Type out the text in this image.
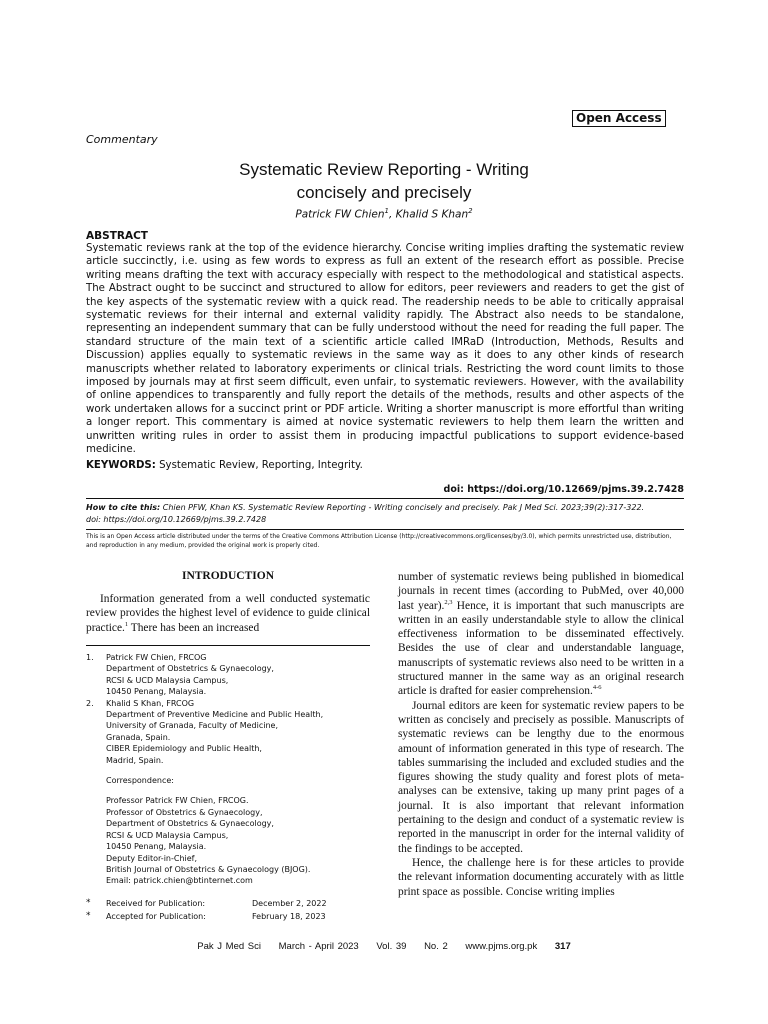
Open Access
Commentary
Systematic Review Reporting - Writing
concisely and precisely
Patrick FW Chien$^1$, Khalid S Khan$^2$
ABSTRACT
Systematic reviews rank at the top of the evidence hierarchy. Concise writing implies drafting the systematic review article succinctly, i.e. using as few words to express as full an extent of the research effort as possible. Precise writing means drafting the text with accuracy especially with respect to the methodological and statistical aspects. The Abstract ought to be succinct and structured to allow for editors, peer reviewers and readers to get the gist of the key aspects of the systematic review with a quick read. The readership needs to be able to critically appraisal systematic reviews for their internal and external validity rapidly. The Abstract also needs to be standalone, representing an independent summary that can be fully understood without the need for reading the full paper. The standard structure of the main text of a scientific article called IMRaD (Introduction, Methods, Results and Discussion) applies equally to systematic reviews in the same way as it does to any other kinds of research manuscripts whether related to laboratory experiments or clinical trials. Restricting the word count limits to those imposed by journals may at first seem difficult, even unfair, to systematic reviewers. However, with the availability of online appendices to transparently and fully report the details of the methods, results and other aspects of the work undertaken allows for a succinct print or PDF article. Writing a shorter manuscript is more effortful than writing a longer report. This commentary is aimed at novice systematic reviewers to help them learn the written and unwritten writing rules in order to assist them in producing impactful publications to support evidence-based medicine.
KEYWORDS: Systematic Review, Reporting, Integrity.
doi: https://doi.org/10.12669/pjms.39.2.7428
How to cite this: Chien PFW, Khan KS. Systematic Review Reporting - Writing concisely and precisely. Pak J Med Sci. 2023;39(2):317-322.
doi: https://doi.org/10.12669/pjms.39.2.7428
This is an Open Access article distributed under the terms of the Creative Commons Attribution License (http://creativecommons.org/licenses/by/3.0), which permits unrestricted use, distribution, and reproduction in any medium, provided the original work is properly cited.
INTRODUCTION
Information generated from a well conducted systematic review provides the highest level of evidence to guide clinical practice.$^1$ There has been an increased
1.	Patrick FW Chien, FRCOG
Department of Obstetrics & Gynaecology,
RCSI & UCD Malaysia Campus,
10450 Penang, Malaysia.
2.	Khalid S Khan, FRCOG
Department of Preventive Medicine and Public Health,
University of Granada, Faculty of Medicine,
Granada, Spain.
CIBER Epidemiology and Public Health,
Madrid, Spain.
Correspondence:
Professor Patrick FW Chien, FRCOG.
Professor of Obstetrics & Gynaecology,
Department of Obstetrics & Gynaecology,
RCSI & UCD Malaysia Campus,
10450 Penang, Malaysia.
Deputy Editor-in-Chief,
British Journal of Obstetrics & Gynaecology (BJOG).
Email: patrick.chien@btinternet.com
*	Received for Publication:	December 2, 2022
*	Accepted for Publication:	February 18, 2023

number of systematic reviews being published in biomedical journals in recent times (according to PubMed, over 40,000 last year).$^{2,3}$ Hence, it is important that such manuscripts are written in an easily understandable style to allow the clinical effectiveness information to be disseminated effectively. Besides the use of clear and understandable language, manuscripts of systematic reviews also need to be written in a structured manner in the same way as an original research article is drafted for easier comprehension.$^{4-6}$

Journal editors are keen for systematic review papers to be written as concisely and precisely as possible. Manuscripts of systematic reviews can be lengthy due to the enormous amount of information generated in this type of research. The tables summarising the included and excluded studies and the figures showing the study quality and forest plots of meta-analyses can be extensive, taking up many print pages of a journal. It is also important that relevant information pertaining to the design and conduct of a systematic review is reported in the manuscript in order for the internal validity of the findings to be accepted.

Hence, the challenge here is for these articles to provide the relevant information documenting accurately with as little print space as possible. Concise writing implies

Pak J Med Sci March - April 2023 Vol. 39 No. 2 www.pjms.org.pk 317
